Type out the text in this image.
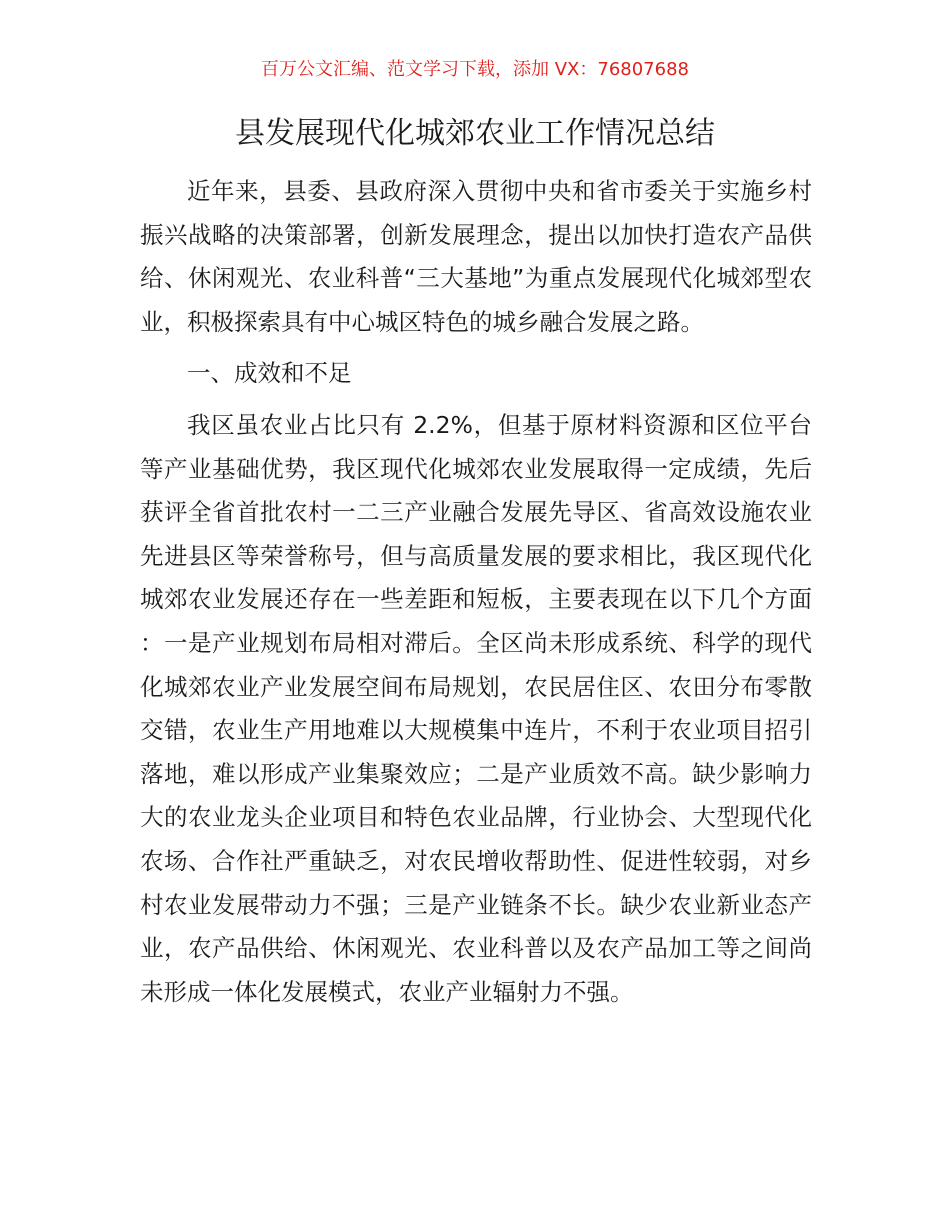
百万公文汇编、范文学习下载，添加 VX：76807688
县发展现代化城郊农业工作情况总结

近年来，县委、县政府深入贯彻中央和省市委关于实施乡村振兴战略的决策部署，创新发展理念，提出以加快打造农产品供给、休闲观光、农业科普“三大基地”为重点发展现代化城郊型农业，积极探索具有中心城区特色的城乡融合发展之路。

一、成效和不足

我区虽农业占比只有 2.2%，但基于原材料资源和区位平台等产业基础优势，我区现代化城郊农业发展取得一定成绩，先后获评全省首批农村一二三产业融合发展先导区、省高效设施农业先进县区等荣誉称号，但与高质量发展的要求相比，我区现代化城郊农业发展还存在一些差距和短板，主要表现在以下几个方面：一是产业规划布局相对滞后。全区尚未形成系统、科学的现代化城郊农业产业发展空间布局规划，农民居住区、农田分布零散交错，农业生产用地难以大规模集中连片，不利于农业项目招引落地，难以形成产业集聚效应；二是产业质效不高。缺少影响力大的农业龙头企业项目和特色农业品牌，行业协会、大型现代化农场、合作社严重缺乏，对农民增收帮助性、促进性较弱，对乡村农业发展带动力不强；三是产业链条不长。缺少农业新业态产业，农产品供给、休闲观光、农业科普以及农产品加工等之间尚未形成一体化发展模式，农业产业辐射力不强。
